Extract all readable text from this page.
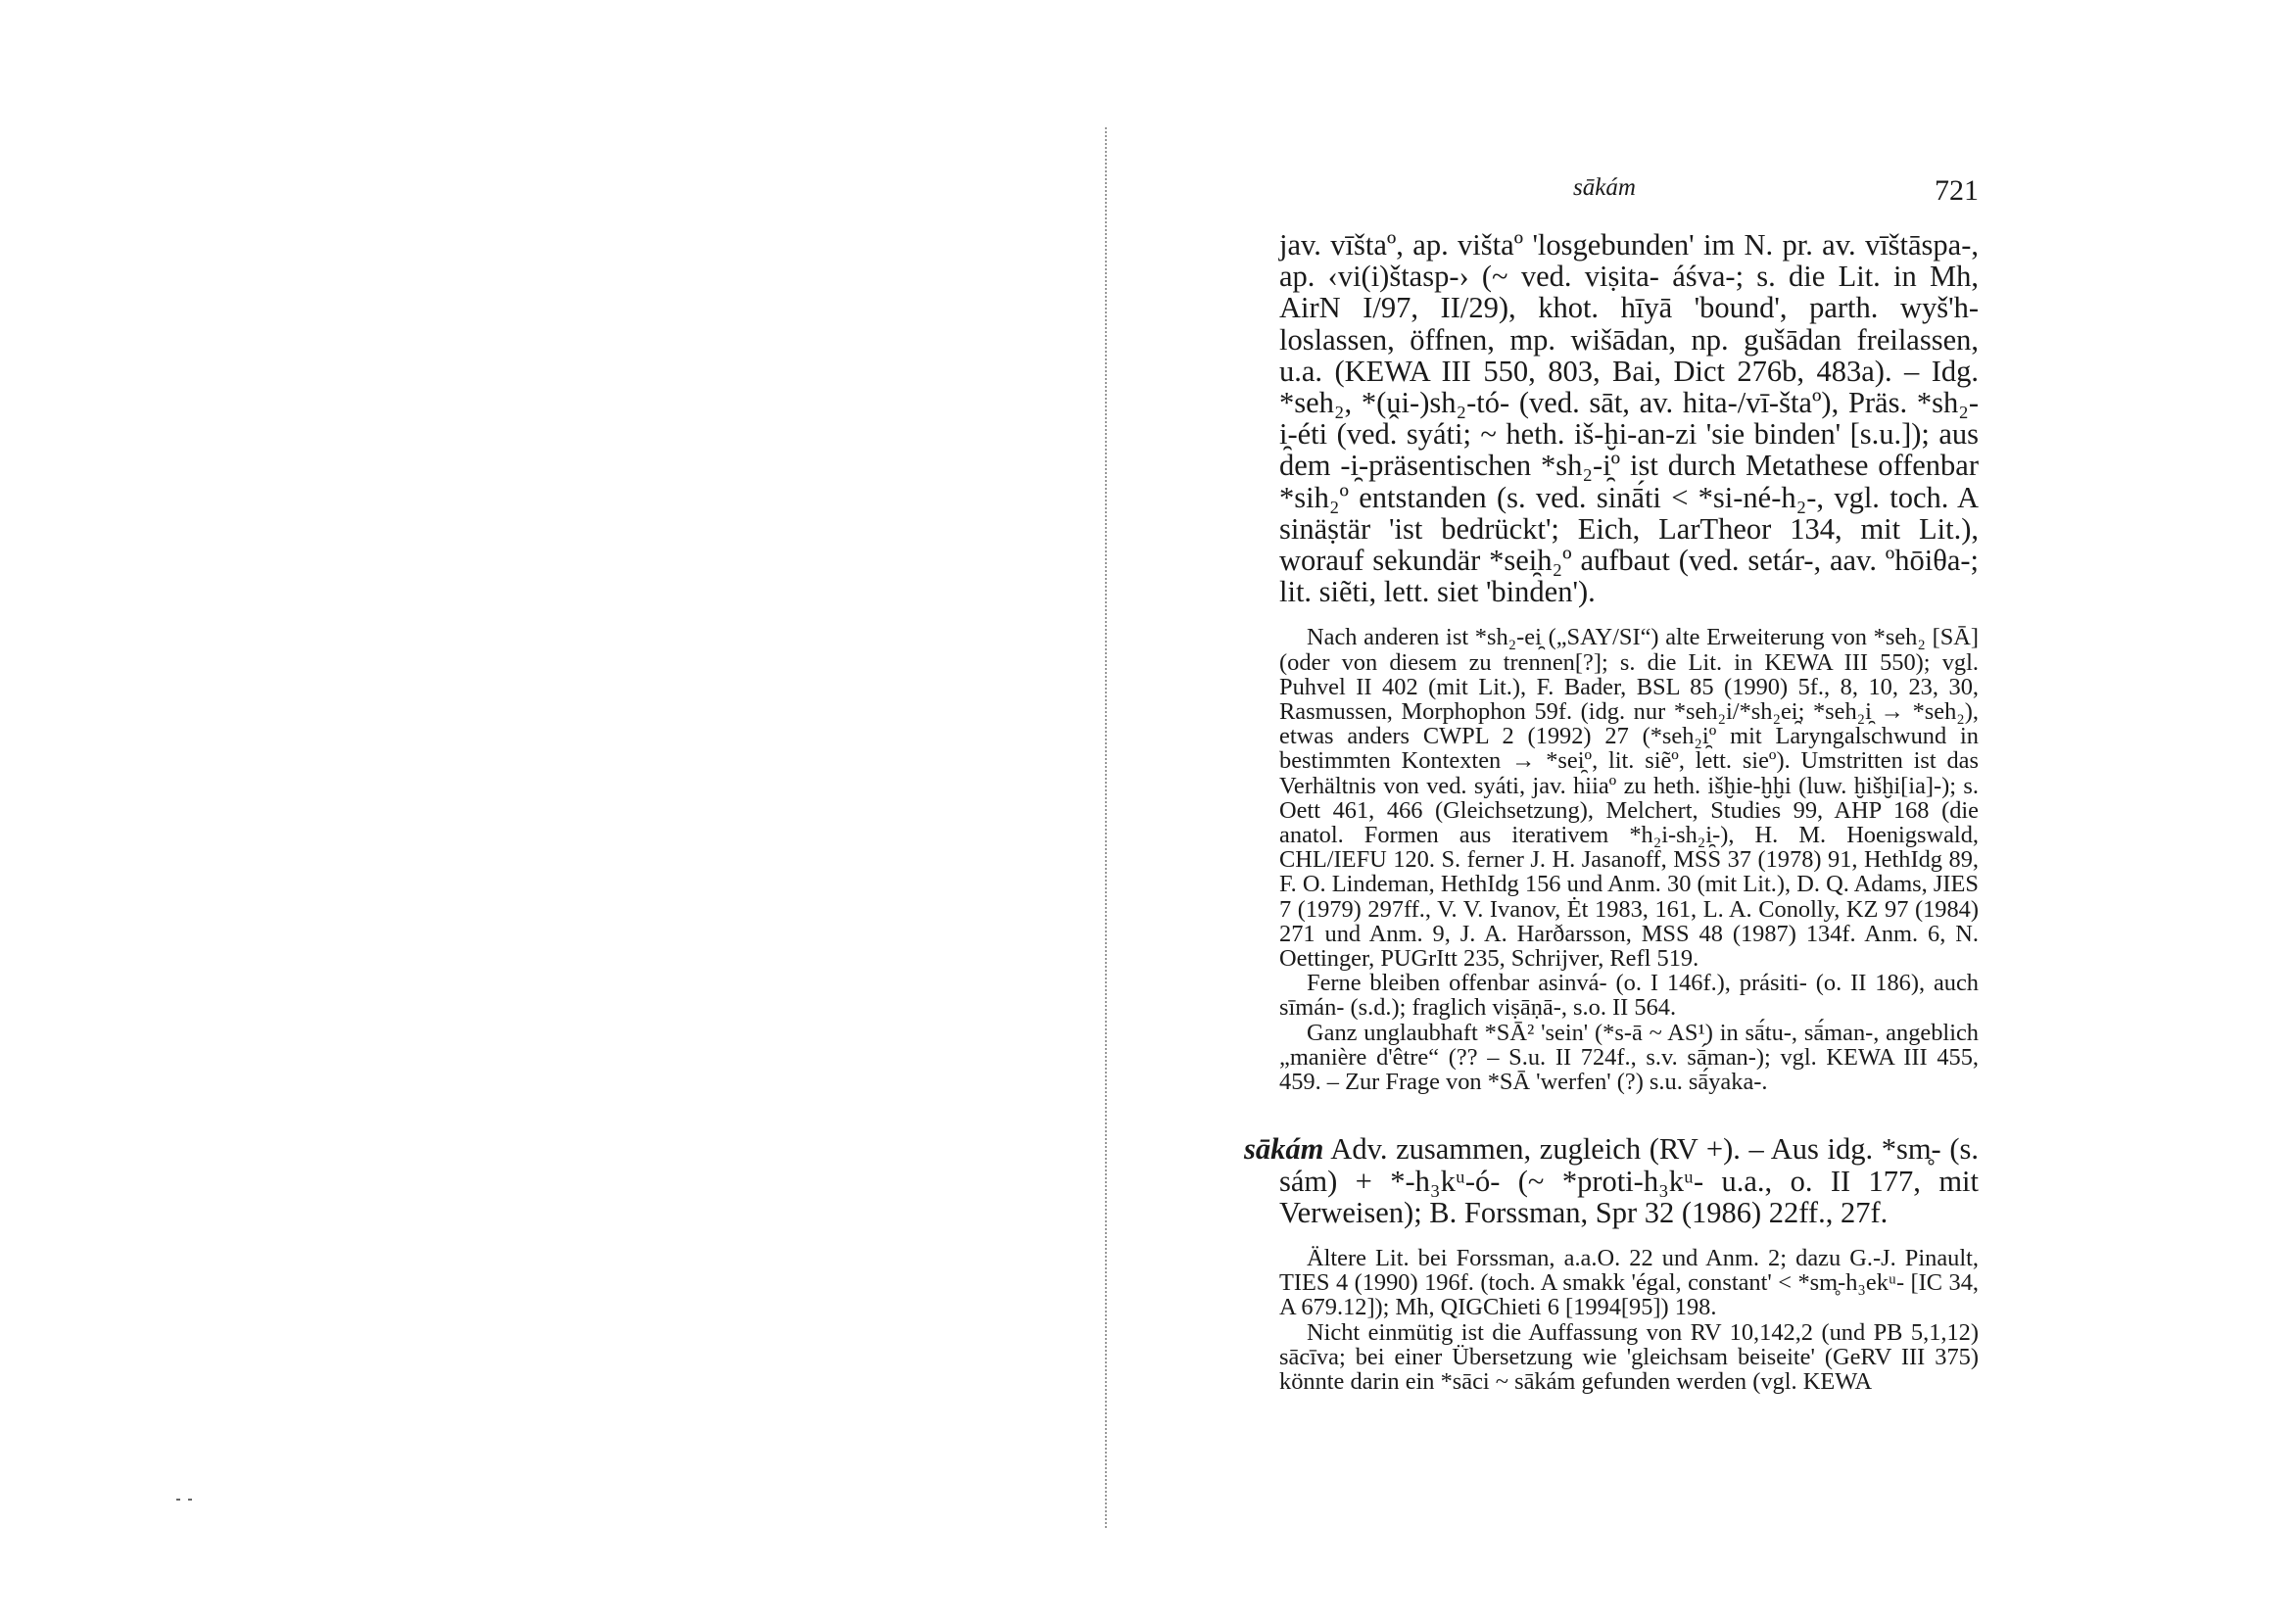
sākám	721

jav. vīštaº, ap. vištaº 'losgebunden' im N. pr. av. vīštāspa-, ap. ‹vi(i)štasp-› (~ ved. viṣita- áśva-; s. die Lit. in Mh, AirN I/97, II/29), khot. hīyā 'bound', parth. wyš'h- loslassen, öffnen, mp. wišādan, np. gušādan freilassen, u.a. (KEWA III 550, 803, Bai, Dict 276b, 483a). – Idg. *seh₂, *(ṷi-)sh₂-tó- (ved. sāt, av. hita-/vī-štaº), Präs. *sh₂-i̯-éti (ved. syáti; ~ heth. iš-ḫi-an-zi 'sie binden' [s.u.]); aus dem -i̯-präsentischen *sh₂-i̯º ist durch Metathese offenbar *sih₂º entstanden (s. ved. sinā́ti < *si-né-h₂-, vgl. toch. A sinäṣtär 'ist bedrückt'; Eich, LarTheor 134, mit Lit.), worauf sekundär *sei̯h₂º aufbaut (ved. setár-, aav. ºhōiθa-; lit. siẽti, lett. siet 'binden').

Nach anderen ist *sh₂-ei̯ („SAY/SI“) alte Erweiterung von *seh₂ [SĀ] (oder von diesem zu trennen[?]; s. die Lit. in KEWA III 550); vgl. Puhvel II 402 (mit Lit.), F. Bader, BSL 85 (1990) 5f., 8, 10, 23, 30, Rasmussen, Morphophon 59f. (idg. nur *seh₂i/*sh₂ei̯; *seh₂i̯ → *seh₂), etwas anders CWPL 2 (1992) 27 (*seh₂i̯º mit Laryngalschwund in bestimmten Kontexten → *sei̯º, lit. siẽº, lett. sieº). Umstritten ist das Verhältnis von ved. syáti, jav. hiiaº zu heth. išḫie-ḫḫi (luw. ḫišḫi[ia]-); s. Oett 461, 466 (Gleichsetzung), Melchert, Studies 99, AHP 168 (die anatol. Formen aus iterativem *h₂i-sh₂i̯-), H. M. Hoenigswald, CHL/IEFU 120. S. ferner J. H. Jasanoff, MSS 37 (1978) 91, HethIdg 89, F. O. Lindeman, HethIdg 156 und Anm. 30 (mit Lit.), D. Q. Adams, JIES 7 (1979) 297ff., V. V. Ivanov, Ėt 1983, 161, L. A. Conolly, KZ 97 (1984) 271 und Anm. 9, J. A. Harðarsson, MSS 48 (1987) 134f. Anm. 6, N. Oettinger, PUGrItt 235, Schrijver, Refl 519.

Ferne bleiben offenbar asinvá- (o. I 146f.), prásiti- (o. II 186), auch sīmán- (s.d.); fraglich viṣāṇā-, s.o. II 564.

Ganz unglaubhaft *SĀ² 'sein' (*s-ā ~ AS¹) in sā́tu-, sā́man-, angeblich „manière d'être“ (?? – S.u. II 724f., s.v. sā́man-); vgl. KEWA III 455, 459. – Zur Frage von *SĀ 'werfen' (?) s.u. sā́yaka-.

sākám Adv. zusammen, zugleich (RV +). – Aus idg. *sm̥- (s. sám) + *-h₃kᵘ-ó- (~ *proti-h₃kᵘ- u.a., o. II 177, mit Verweisen); B. Forssman, Spr 32 (1986) 22ff., 27f.

Ältere Lit. bei Forssman, a.a.O. 22 und Anm. 2; dazu G.-J. Pinault, TIES 4 (1990) 196f. (toch. A smakk 'égal, constant' < *sm̥-h₃ekᵘ- [IC 34, A 679.12]); Mh, QIGChieti 6 [1994[95]) 198.

Nicht einmütig ist die Auffassung von RV 10,142,2 (und PB 5,1,12) sācīva; bei einer Übersetzung wie 'gleichsam beiseite' (GeRV III 375) könnte darin ein *sāci ~ sākám gefunden werden (vgl. KEWA
